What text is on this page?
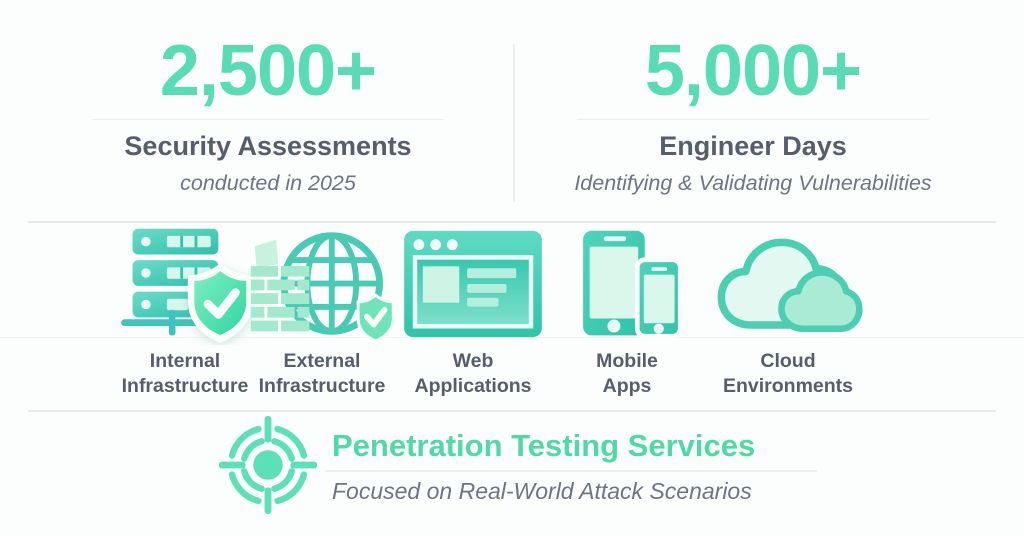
2,500+
Security Assessments
conducted in 2025
5,000+
Engineer Days
Identifying & Validating Vulnerabilities
Internal
Infrastructure
External
Infrastructure
Web
Applications
Mobile
Apps
Cloud
Environments
Penetration Testing Services
Focused on Real-World Attack Scenarios
